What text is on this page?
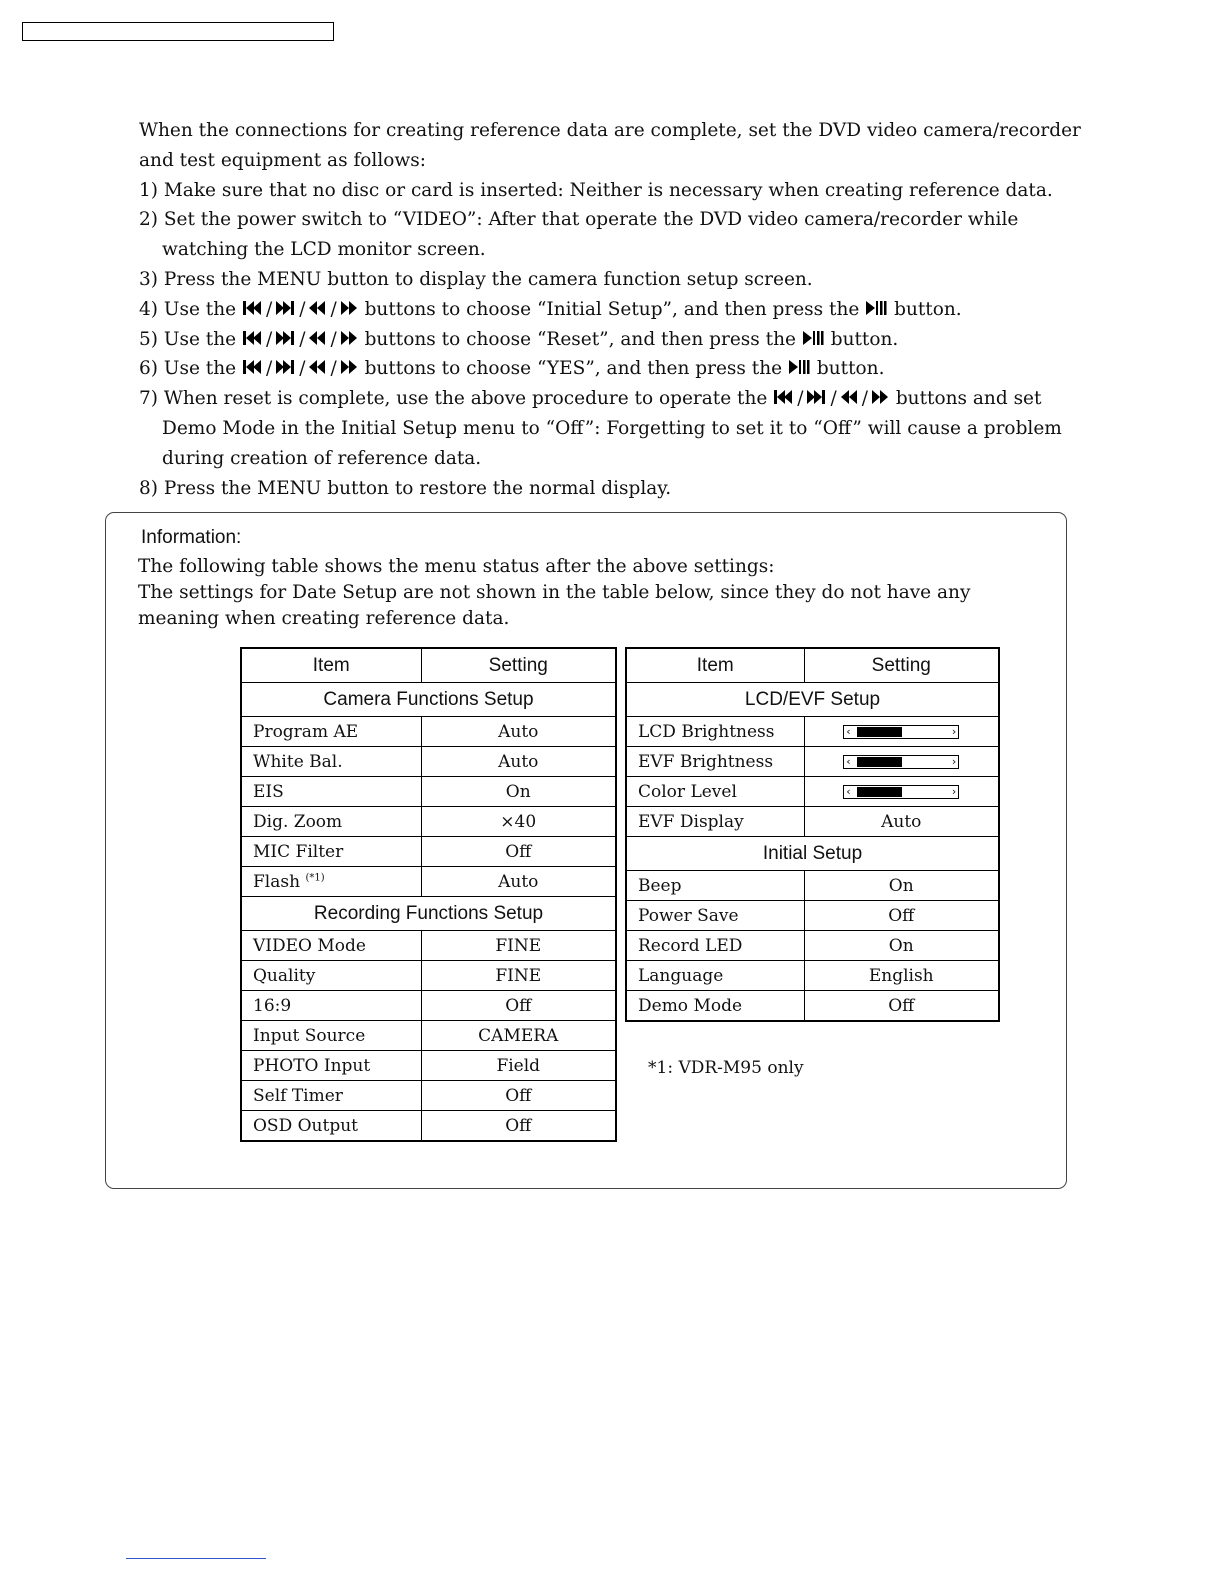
When the connections for creating reference data are complete, set the DVD video camera/recorder
and test equipment as follows:
1) Make sure that no disc or card is inserted: Neither is necessary when creating reference data.
2) Set the power switch to “VIDEO”: After that operate the DVD video camera/recorder while
watching the LCD monitor screen.
3) Press the MENU button to display the camera function setup screen.
4) Use the / / / buttons to choose “Initial Setup”, and then press the button.
5) Use the / / / buttons to choose “Reset”, and then press the button.
6) Use the / / / buttons to choose “YES”, and then press the button.
7) When reset is complete, use the above procedure to operate the / / / buttons and set
Demo Mode in the Initial Setup menu to “Off”: Forgetting to set it to “Off” will cause a problem
during creation of reference data.
8) Press the MENU button to restore the normal display.
Information:
The following table shows the menu status after the above settings:
The settings for Date Setup are not shown in the table below, since they do not have any meaning when creating reference data.
Item	Setting
Camera Functions Setup	
Program AE	Auto
White Bal.	Auto
EIS	On
Dig. Zoom	×40
MIC Filter	Off
Flash $^{(*1)}$	Auto
Recording Functions Setup	
VIDEO Mode	FINE
Quality	FINE
16:9	Off
Input Source	CAMERA
PHOTO Input	Field
Self Timer	Off
OSD Output	Off
Item	Setting
LCD/EVF Setup	
LCD Brightness	‹ ›

EVF Brightness	‹ ›

Color Level	‹ ›

EVF Display	Auto
Initial Setup	
Beep	On
Power Save	Off
Record LED	On
Language	English
Demo Mode	Off
*1: VDR-M95 only
